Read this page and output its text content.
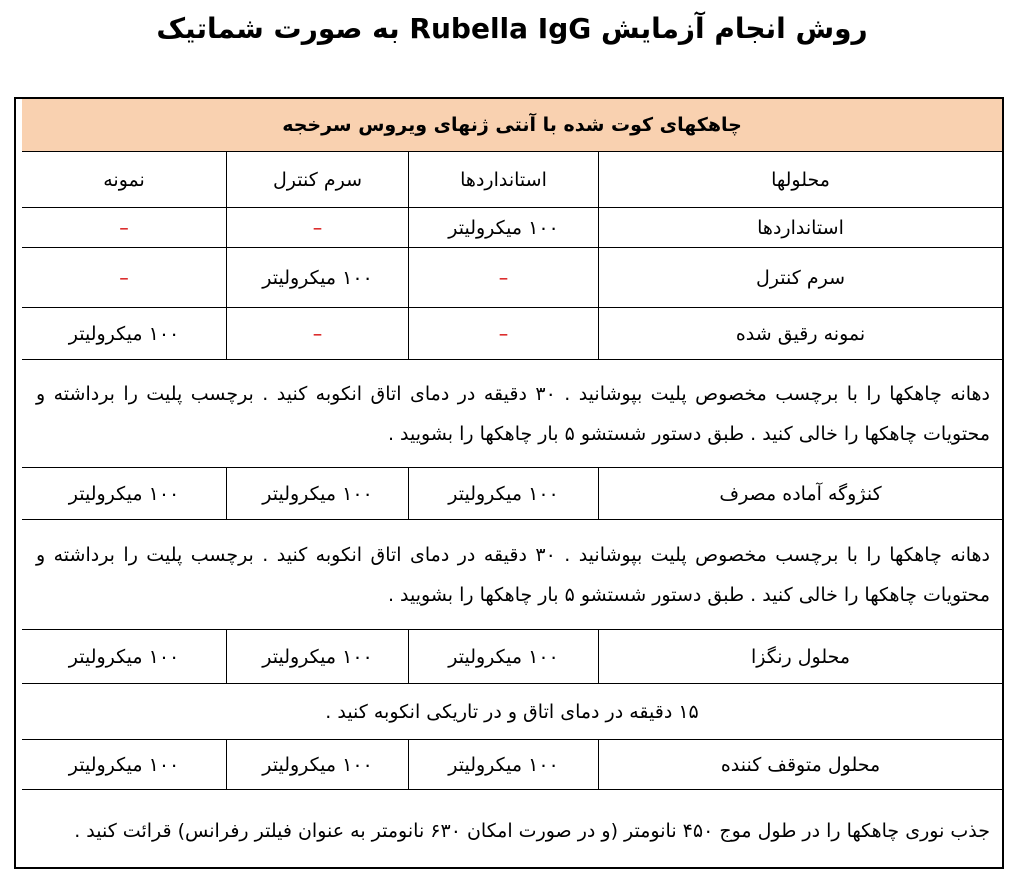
روش انجام آزمایش Rubella IgG به صورت شماتیک
چاهکهای کوت شده با آنتی ژنهای ویروس سرخجه
محلولها
استانداردها
سرم کنترل
نمونه
استانداردها
۱۰۰ میکرولیتر
–
–
سرم کنترل
–
۱۰۰ میکرولیتر
–
نمونه رقیق شده
–
–
۱۰۰ میکرولیتر
دهانه چاهکها را با برچسب مخصوص پلیت بپوشانید . ۳۰ دقیقه در دمای اتاق انکوبه کنید . برچسب پلیت را برداشته و محتویات چاهکها را خالی کنید . طبق دستور شستشو ۵ بار چاهکها را بشویید .
کنژوگه آماده مصرف
۱۰۰ میکرولیتر
۱۰۰ میکرولیتر
۱۰۰ میکرولیتر
دهانه چاهکها را با برچسب مخصوص پلیت بپوشانید . ۳۰ دقیقه در دمای اتاق انکوبه کنید . برچسب پلیت را برداشته و محتویات چاهکها را خالی کنید . طبق دستور شستشو ۵ بار چاهکها را بشویید .
محلول رنگزا
۱۰۰ میکرولیتر
۱۰۰ میکرولیتر
۱۰۰ میکرولیتر
۱۵ دقیقه در دمای اتاق و در تاریکی انکوبه کنید .
محلول متوقف کننده
۱۰۰ میکرولیتر
۱۰۰ میکرولیتر
۱۰۰ میکرولیتر
جذب نوری چاهکها را در طول موج ۴۵۰ نانومتر (و در صورت امکان ۶۳۰ نانومتر به عنوان فیلتر رفرانس) قرائت کنید .
